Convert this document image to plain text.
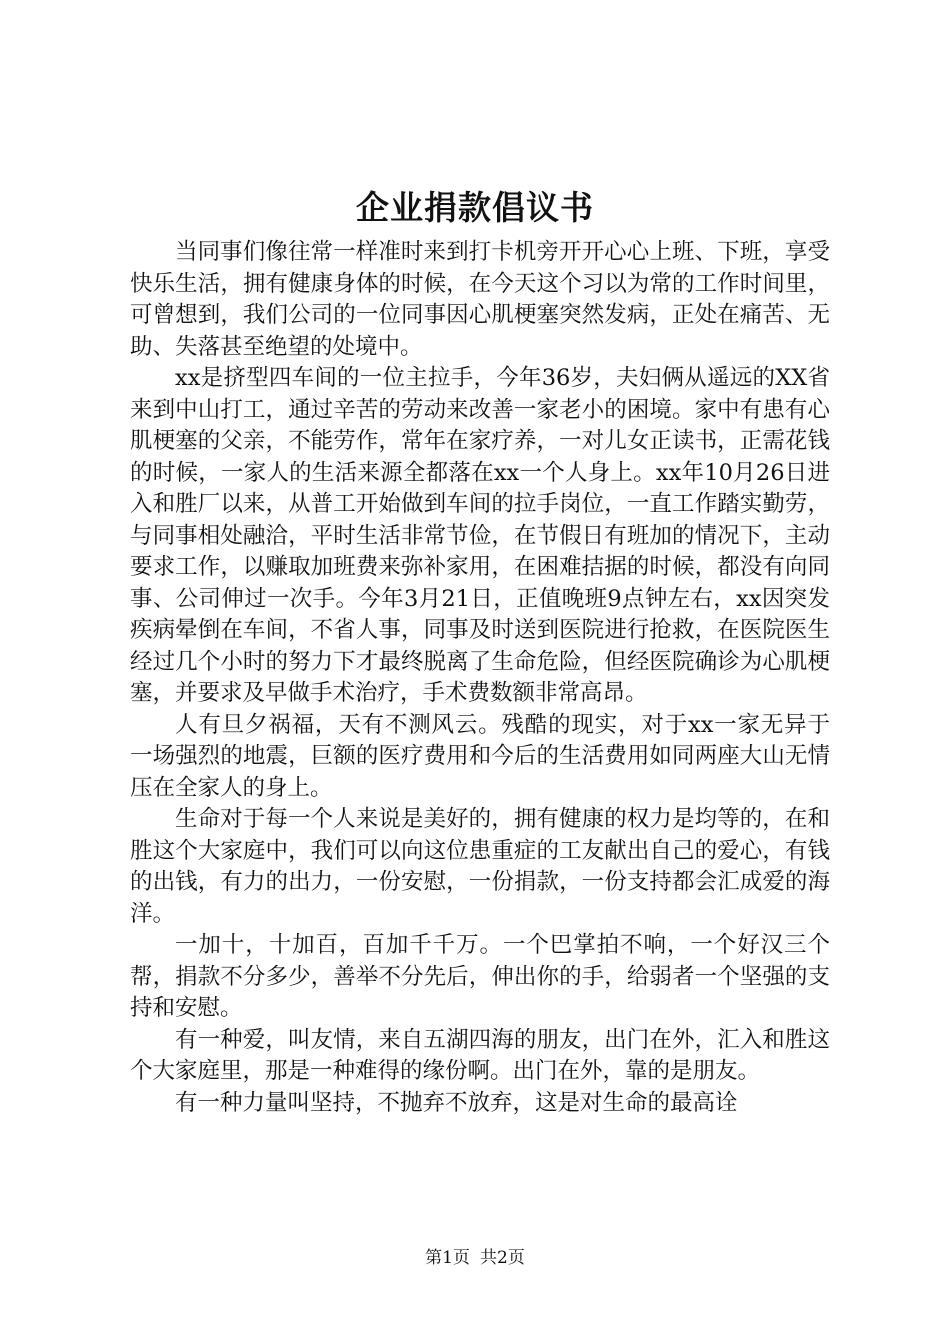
企业捐款倡议书

当同事们像往常一样准时来到打卡机旁开开心心上班、下班，享受快乐生活，拥有健康身体的时候，在今天这个习以为常的工作时间里，可曾想到，我们公司的一位同事因心肌梗塞突然发病，正处在痛苦、无助、失落甚至绝望的处境中。

xx是挤型四车间的一位主拉手，今年36岁，夫妇俩从遥远的XX省来到中山打工，通过辛苦的劳动来改善一家老小的困境。家中有患有心肌梗塞的父亲，不能劳作，常年在家疗养，一对儿女正读书，正需花钱的时候，一家人的生活来源全都落在xx一个人身上。xx年10月26日进入和胜厂以来，从普工开始做到车间的拉手岗位，一直工作踏实勤劳，与同事相处融洽，平时生活非常节俭，在节假日有班加的情况下，主动要求工作，以赚取加班费来弥补家用，在困难拮据的时候，都没有向同事、公司伸过一次手。今年3月21日，正值晚班9点钟左右，xx因突发疾病晕倒在车间，不省人事，同事及时送到医院进行抢救，在医院医生经过几个小时的努力下才最终脱离了生命危险，但经医院确诊为心肌梗塞，并要求及早做手术治疗，手术费数额非常高昂。

人有旦夕祸福，天有不测风云。残酷的现实，对于xx一家无异于一场强烈的地震，巨额的医疗费用和今后的生活费用如同两座大山无情压在全家人的身上。

生命对于每一个人来说是美好的，拥有健康的权力是均等的，在和胜这个大家庭中，我们可以向这位患重症的工友献出自己的爱心，有钱的出钱，有力的出力，一份安慰，一份捐款，一份支持都会汇成爱的海洋。

一加十，十加百，百加千千万。一个巴掌拍不响，一个好汉三个帮，捐款不分多少，善举不分先后，伸出你的手，给弱者一个坚强的支持和安慰。

有一种爱，叫友情，来自五湖四海的朋友，出门在外，汇入和胜这个大家庭里，那是一种难得的缘份啊。出门在外，靠的是朋友。

有一种力量叫坚持，不抛弃不放弃，这是对生命的最高诠

第1页 共2页
